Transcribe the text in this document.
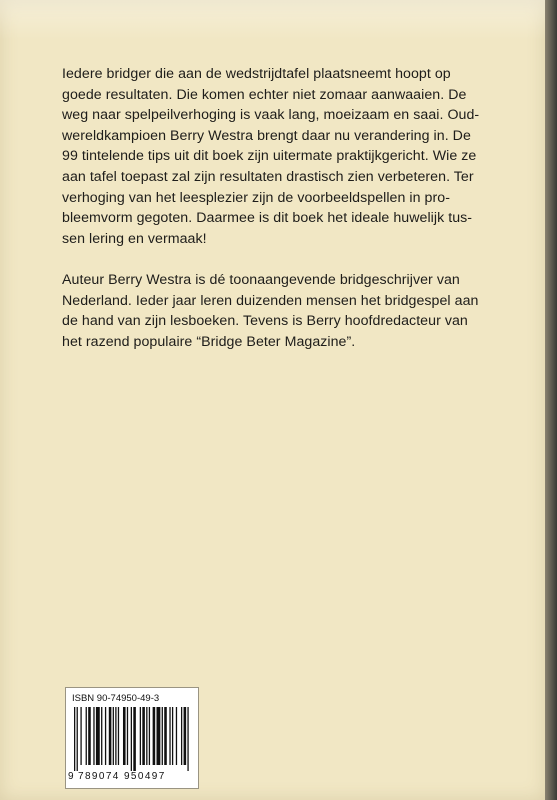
Iedere bridger die aan de wedstrijdtafel plaatsneemt hoopt op

goede resultaten. Die komen echter niet zomaar aanwaaien. De

weg naar spelpeilverhoging is vaak lang, moeizaam en saai. Oud-

wereldkampioen Berry Westra brengt daar nu verandering in. De

99 tintelende tips uit dit boek zijn uitermate praktijkgericht. Wie ze

aan tafel toepast zal zijn resultaten drastisch zien verbeteren. Ter

verhoging van het leesplezier zijn de voorbeeldspellen in pro-

bleemvorm gegoten. Daarmee is dit boek het ideale huwelijk tus-

sen lering en vermaak!

Auteur Berry Westra is dé toonaangevende bridgeschrijver van

Nederland. Ieder jaar leren duizenden mensen het bridgespel aan

de hand van zijn lesboeken. Tevens is Berry hoofdredacteur van

het razend populaire “Bridge Beter Magazine”.

ISBN 90-74950-49-3
9 789074 950497
